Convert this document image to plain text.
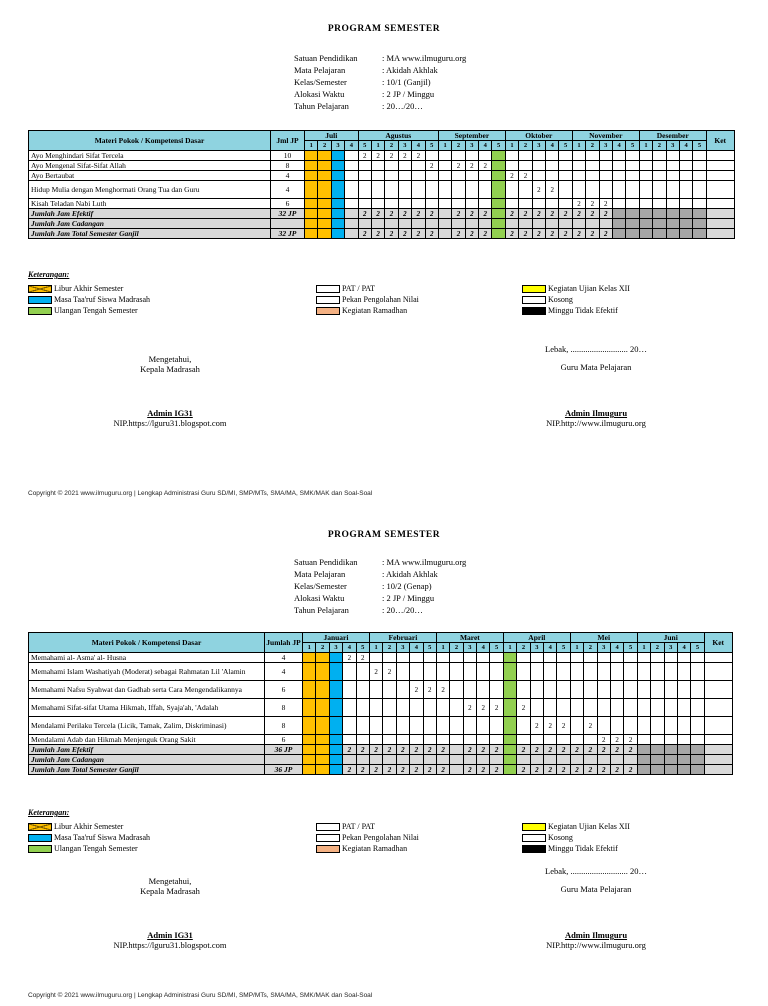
PROGRAM SEMESTER
Satuan Pendidikan	: MA www.ilmuguru.org
Mata Pelajaran	: Akidah Akhlak
Kelas/Semester	: 10/1 (Ganjil)
Alokasi Waktu	: 2 JP / Minggu
Tahun Pelajaran	: 20…/20…
Materi Pokok / Kompetensi Dasar	Jml JP	Juli				Agustus						September					Oktober					November					Desember					Ket
		1	2	3	4	5	1	2	3	4	5	1	2	3	4	5	1	2	3	4	5	1	2	3	4	5	1	2	3	4	5	
Ayo Menghindari Sifat Tercela	10					2	2	2	2	2																						
Ayo Mengenal Sifat-Sifat Allah	8										2		2	2	2																	
Ayo Bertaubat	4																2	2														
Hidup Mulia dengan Menghormati Orang Tua dan Guru	4																		2	2												
Kisah Teladan Nabi Luth	6																					2	2	2								
Jumlah Jam Efektif	32 JP					2	2	2	2	2	2		2	2	2		2	2	2	2	2	2	2	2								
Jumlah Jam Cadangan																																
Jumlah Jam Total Semester Ganjil	32 JP					2	2	2	2	2	2		2	2	2		2	2	2	2	2	2	2	2								
Keterangan:
Libur Akhir Semester
Masa Taa'ruf Siswa Madrasah
Ulangan Tengah Semester
PAT / PAT
Pekan Pengolahan Nilai
Kegiatan Ramadhan
Kegiatan Ujian Kelas XII
Kosong
Minggu Tidak Efektif
Mengetahui,
Kepala Madrasah
Admin IG31
NIP.https://lguru31.blogspot.com
Lebak, ........................... 20…
Guru Mata Pelajaran
Admin Ilmuguru
NIP.http://www.ilmuguru.org
Copyright © 2021 www.ilmuguru.org | Lengkap Administrasi Guru SD/MI, SMP/MTs, SMA/MA, SMK/MAK dan Soal-Soal
PROGRAM SEMESTER
Satuan Pendidikan	: MA www.ilmuguru.org
Mata Pelajaran	: Akidah Akhlak
Kelas/Semester	: 10/2 (Genap)
Alokasi Waktu	: 2 JP / Minggu
Tahun Pelajaran	: 20…/20…
Materi Pokok / Kompetensi Dasar	Jumlah JP	Januari					Februari					Maret					April					Mei					Juni					Ket
		1	2	3	4	5	1	2	3	4	5	1	2	3	4	5	1	2	3	4	5	1	2	3	4	5	1	2	3	4	5	
Memahami al- Asma' al- Husna	4				2	2																										
Memahami Islam Washatiyah (Moderat) sebagai Rahmatan Lil 'Alamin	4						2	2																								
Memahami Nafsu Syahwat dan Gadhab serta Cara Mengendalikannya	6									2	2	2																				
Memahami Sifat-sifat Utama Hikmah, Iffah, Syaja'ah, 'Adalah	8													2	2	2		2														
Mendalami Perilaku Tercela (Licik, Tamak, Zalim, Diskriminasi)	8																		2	2	2		2									
Mendalami Adab dan Hikmah Menjenguk Orang Sakit	6																							2	2	2						
Jumlah Jam Efektif	36 JP				2	2	2	2	2	2	2	2		2	2	2		2	2	2	2	2	2	2	2	2						
Jumlah Jam Cadangan																																
Jumlah Jam Total Semester Ganjil	36 JP				2	2	2	2	2	2	2	2		2	2	2		2	2	2	2	2	2	2	2	2						
Keterangan:
Libur Akhir Semester
Masa Taa'ruf Siswa Madrasah
Ulangan Tengah Semester
PAT / PAT
Pekan Pengolahan Nilai
Kegiatan Ramadhan
Kegiatan Ujian Kelas XII
Kosong
Minggu Tidak Efektif
Mengetahui,
Kepala Madrasah
Admin IG31
NIP.https://lguru31.blogspot.com
Lebak, ........................... 20…
Guru Mata Pelajaran
Admin Ilmuguru
NIP.http://www.ilmuguru.org
Copyright © 2021 www.ilmuguru.org | Lengkap Administrasi Guru SD/MI, SMP/MTs, SMA/MA, SMK/MAK dan Soal-Soal
